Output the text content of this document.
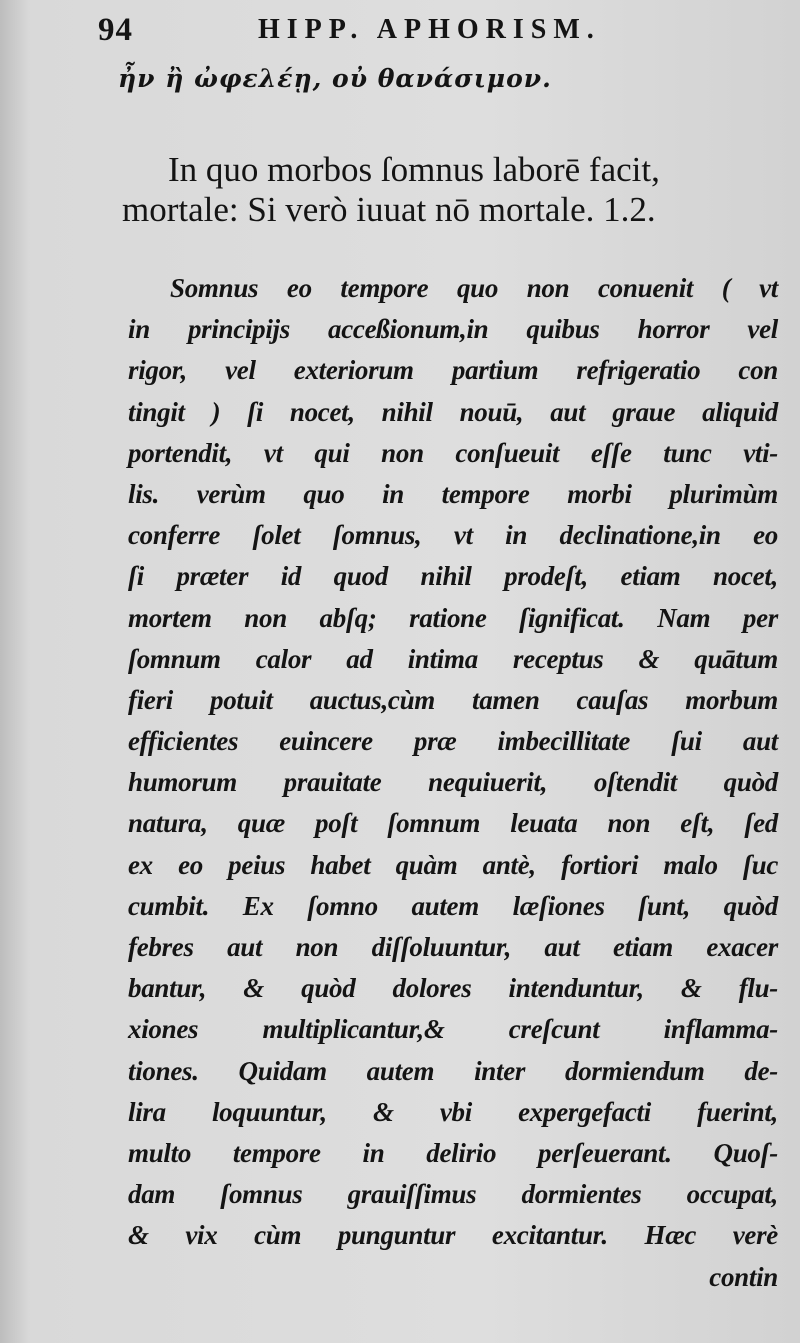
94	HIPP. APHORISM.
ἦν ἢ ὠφελέῃ, οὐ θανάσιμον.
In quo morbos ſomnus laborē facit,
mortale: Si verò iuuat nō mortale. 1.2.
Somnus eo tempore quo non conuenit ( vt
in principijs acceßionum,in quibus horror vel
rigor, vel exteriorum partium refrigeratio con
tingit ) ſi nocet, nihil nouū, aut graue aliquid
portendit, vt qui non conſueuit eſſe tunc vti-
lis. verùm quo in tempore morbi plurimùm
conferre ſolet ſomnus, vt in declinatione,in eo
ſi præter id quod nihil prodeſt, etiam nocet,
mortem non abſq; ratione ſignificat. Nam per
ſomnum calor ad intima receptus & quātum
fieri potuit auctus,cùm tamen cauſas morbum
efficientes euincere præ imbecillitate ſui aut
humorum prauitate nequiuerit, oſtendit quòd
natura, quæ poſt ſomnum leuata non eſt, ſed
ex eo peius habet quàm antè, fortiori malo ſuc
cumbit. Ex ſomno autem læſiones ſunt, quòd
febres aut non diſſoluuntur, aut etiam exacer
bantur, & quòd dolores intenduntur, & flu-
xiones multiplicantur,& creſcunt inflamma-
tiones. Quidam autem inter dormiendum de-
lira loquuntur, & vbi expergefacti fuerint,
multo tempore in delirio perſeuerant. Quoſ-
dam ſomnus grauiſſimus dormientes occupat,
& vix cùm punguntur excitantur. Hæc verè
contin
